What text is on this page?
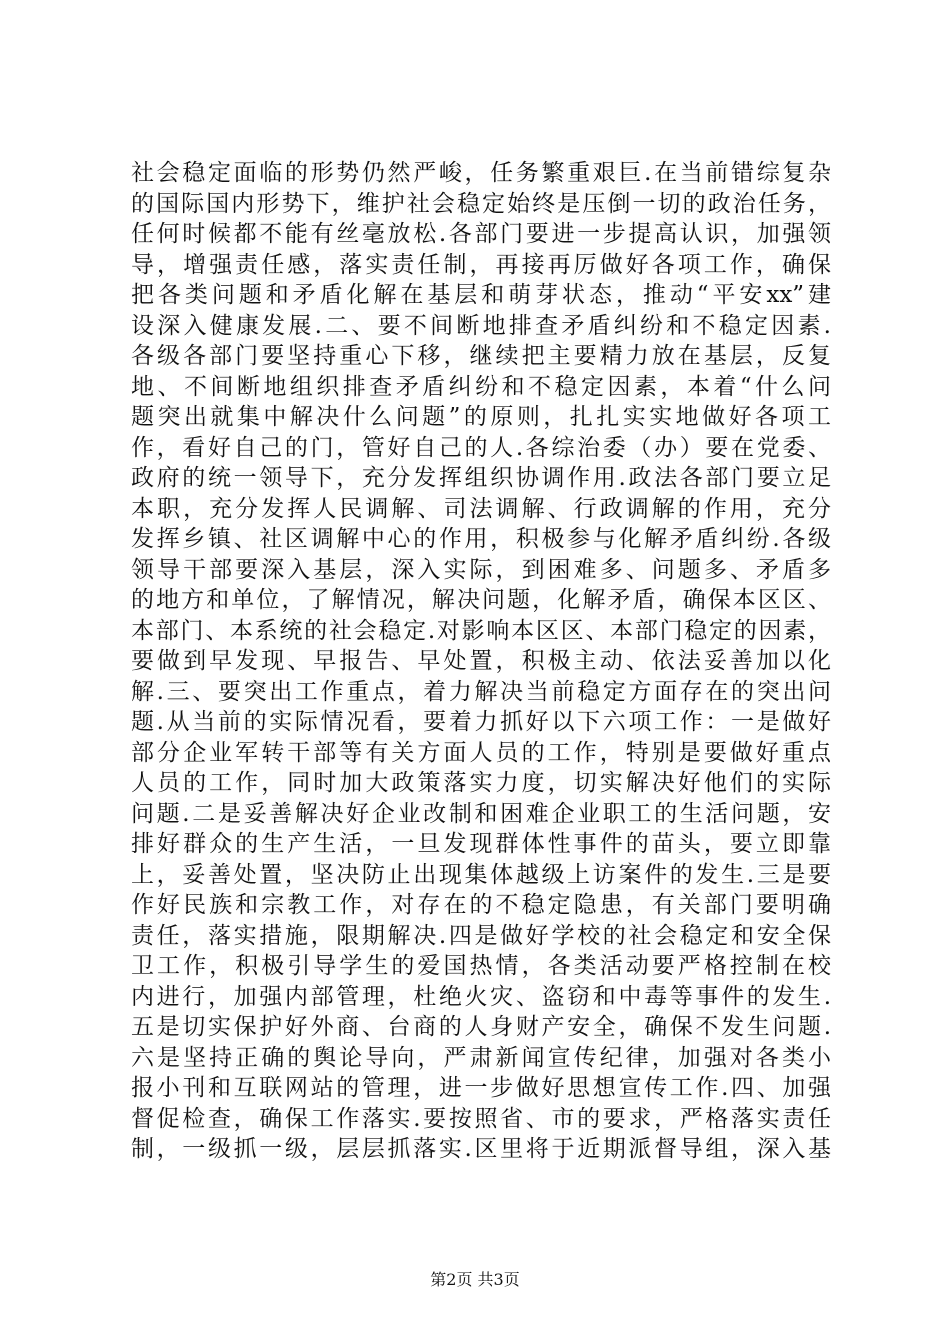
社会稳定面临的形势仍然严峻，任务繁重艰巨.在当前错综复杂
的国际国内形势下，维护社会稳定始终是压倒一切的政治任务，
任何时候都不能有丝毫放松.各部门要进一步提高认识，加强领
导，增强责任感，落实责任制，再接再厉做好各项工作，确保
把各类问题和矛盾化解在基层和萌芽状态，推动“平安xx”建
设深入健康发展.二、要不间断地排查矛盾纠纷和不稳定因素.
各级各部门要坚持重心下移，继续把主要精力放在基层，反复
地、不间断地组织排查矛盾纠纷和不稳定因素，本着“什么问
题突出就集中解决什么问题”的原则，扎扎实实地做好各项工
作，看好自己的门，管好自己的人.各综治委（办）要在党委、
政府的统一领导下，充分发挥组织协调作用.政法各部门要立足
本职，充分发挥人民调解、司法调解、行政调解的作用，充分
发挥乡镇、社区调解中心的作用，积极参与化解矛盾纠纷.各级
领导干部要深入基层，深入实际，到困难多、问题多、矛盾多
的地方和单位，了解情况，解决问题，化解矛盾，确保本区区、
本部门、本系统的社会稳定.对影响本区区、本部门稳定的因素，
要做到早发现、早报告、早处置，积极主动、依法妥善加以化
解.三、要突出工作重点，着力解决当前稳定方面存在的突出问
题.从当前的实际情况看，要着力抓好以下六项工作：一是做好
部分企业军转干部等有关方面人员的工作，特别是要做好重点
人员的工作，同时加大政策落实力度，切实解决好他们的实际
问题.二是妥善解决好企业改制和困难企业职工的生活问题，安
排好群众的生产生活，一旦发现群体性事件的苗头，要立即靠
上，妥善处置，坚决防止出现集体越级上访案件的发生.三是要
作好民族和宗教工作，对存在的不稳定隐患，有关部门要明确
责任，落实措施，限期解决.四是做好学校的社会稳定和安全保
卫工作，积极引导学生的爱国热情，各类活动要严格控制在校
内进行，加强内部管理，杜绝火灾、盗窃和中毒等事件的发生.
五是切实保护好外商、台商的人身财产安全，确保不发生问题.
六是坚持正确的舆论导向，严肃新闻宣传纪律，加强对各类小
报小刊和互联网站的管理，进一步做好思想宣传工作.四、加强
督促检查，确保工作落实.要按照省、市的要求，严格落实责任
制，一级抓一级，层层抓落实.区里将于近期派督导组，深入基
第2页 共3页
